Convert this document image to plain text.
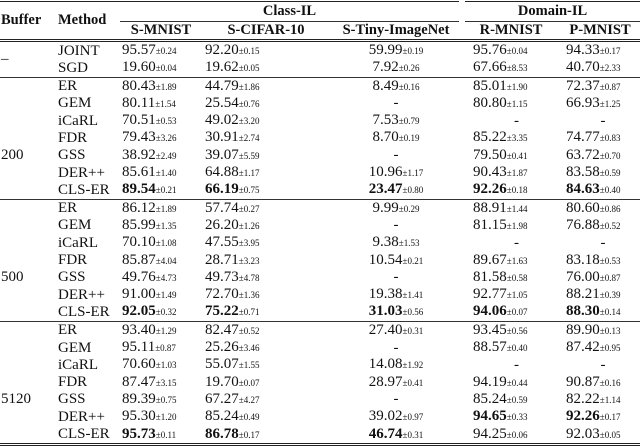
Buffer	Method	Class-IL			Domain-IL	
		S-MNIST	S-CIFAR-10	S-Tiny-ImageNet	R-MNIST	P-MNIST
–	JOINT	95.57±0.24	92.20±0.15	59.99±0.19	95.76±0.04	94.33±0.17
	SGD	19.60±0.04	19.62±0.05	7.92±0.26	67.66±8.53	40.70±2.33
	ER	80.43±1.89	44.79±1.86	8.49±0.16	85.01±1.90	72.37±0.87
	GEM	80.11±1.54	25.54±0.76	-	80.80±1.15	66.93±1.25
	iCaRL	70.51±0.53	49.02±3.20	7.53±0.79	-	-
	FDR	79.43±3.26	30.91±2.74	8.70±0.19	85.22±3.35	74.77±0.83
200	GSS	38.92±2.49	39.07±5.59	-	79.50±0.41	63.72±0.70
	DER++	85.61±1.40	64.88±1.17	10.96±1.17	90.43±1.87	83.58±0.59
	CLS-ER	89.54±0.21	66.19±0.75	23.47±0.80	92.26±0.18	84.63±0.40
	ER	86.12±1.89	57.74±0.27	9.99±0.29	88.91±1.44	80.60±0.86
	GEM	85.99±1.35	26.20±1.26	-	81.15±1.98	76.88±0.52
	iCaRL	70.10±1.08	47.55±3.95	9.38±1.53	-	-
	FDR	85.87±4.04	28.71±3.23	10.54±0.21	89.67±1.63	83.18±0.53
500	GSS	49.76±4.73	49.73±4.78	-	81.58±0.58	76.00±0.87
	DER++	91.00±1.49	72.70±1.36	19.38±1.41	92.77±1.05	88.21±0.39
	CLS-ER	92.05±0.32	75.22±0.71	31.03±0.56	94.06±0.07	88.30±0.14
	ER	93.40±1.29	82.47±0.52	27.40±0.31	93.45±0.56	89.90±0.13
	GEM	95.11±0.87	25.26±3.46	-	88.57±0.40	87.42±0.95
	iCaRL	70.60±1.03	55.07±1.55	14.08±1.92	-	-
	FDR	87.47±3.15	19.70±0.07	28.97±0.41	94.19±0.44	90.87±0.16
5120	GSS	89.39±0.75	67.27±4.27	-	85.24±0.59	82.22±1.14
	DER++	95.30±1.20	85.24±0.49	39.02±0.97	94.65±0.33	92.26±0.17
	CLS-ER	95.73±0.11	86.78±0.17	46.74±0.31	94.25±0.06	92.03±0.05
